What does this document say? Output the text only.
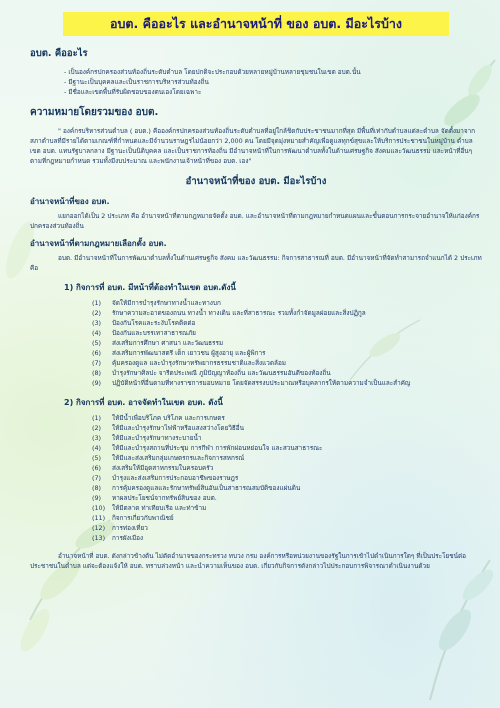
อบต. คืออะไร และอำนาจหน้าที่ ของ อบต. มีอะไรบ้าง
อบต. คืออะไร
- เป็นองค์กรปกครองส่วนท้องถิ่นระดับตำบล โดยปกติจะประกอบด้วยหลายหมู่บ้านหลายชุมชนในเขต อบต.นั้น
- มีฐานะเป็นบุคคลและเป็นราชการบริหารส่วนท้องถิ่น
- มีชื่อและเขตพื้นที่รับผิดชอบของตนเองโดยเฉพาะ
ความหมายโดยรวมของ อบต.

" องค์กรบริหารส่วนตำบล ( อบต.) คือองค์กรปกครองส่วนท้องถิ่นระดับตำบลที่อยู่ใกล้ชิดกับประชาชนมากที่สุด มีพื้นที่เท่ากับตำบลแต่ละตำบล จัดตั้งมาจากสภาตำบลที่มีรายได้ตามเกณฑ์ที่กำหนดและมีจำนวนราษฎรไม่น้อยกว่า 2,000 คน โดยมีจุดมุ่งหมายสำคัญเพื่อดูแลทุกข์สุขและให้บริการประชาชนในหมู่บ้าน ตำบล เขต อบต. แทนรัฐบาลกลาง มีฐานะเป็นนิติบุคคล และเป็นราชการท้องถิ่น มีอำนาจหน้าที่ในการพัฒนาตำบลทั้งในด้านเศรษฐกิจ สังคมและวัฒนธรรม และหน้าที่อื่นๆ ตามที่กฎหมายกำหนด รวมทั้งมีงบประมาณ และพนักงานเจ้าหน้าที่ของ อบต. เอง"

อำนาจหน้าที่ของ อบต. มีอะไรบ้าง
อำนาจหน้าที่ของ อบต.

แยกออกได้เป็น 2 ประเภท คือ อำนาจหน้าที่ตามกฎหมายจัดตั้ง อบต. และอำนาจหน้าที่ตามกฎหมายกำหนดแผนและขั้นตอนการกระจายอำนาจให้แก่องค์กรปกครองส่วนท้องถิ่น

อำนาจหน้าที่ตามกฎหมายเลือกตั้ง อบต.

อบต. มีอำนาจหน้าที่ในการพัฒนาตำบลทั้งในด้านเศรษฐกิจ สังคม และวัฒนธรรม: กิจการสาธารณที่ อบต. มีอำนาจหน้าที่จัดทำสามารถจำแนกได้ 2 ประเภทคือ

1) กิจการที่ อบต. มีหน้าที่ต้องทำในเขต อบต.ดังนี้
(1)	จัดให้มีการบำรุงรักษาทางน้ำและทางบก
(2)	รักษาความสะอาดของถนน ทางน้ำ ทางเดิน และที่สาธารณะ รวมทั้งกำจัดมูลฝอยและสิ่งปฏิกูล
(3)	ป้องกันโรคและระงับโรคติดต่อ
(4)	ป้องกันและบรรเทาสาธารณภัย
(5)	ส่งเสริมการศึกษา ศาสนา และวัฒนธรรม
(6)	ส่งเสริมการพัฒนาสตรี เด็ก เยาวชน ผู้สูงอายุ และผู้พิการ
(7)	คุ้มครองดูแล และบำรุงรักษาทรัพยากรธรรมชาติและสิ่งแวดล้อม
(8)	บำรุงรักษาศิลปะ จารีตประเพณี ภูมิปัญญาท้องถิ่น และวัฒนธรรมอันดีของท้องถิ่น
(9)	ปฏิบัติหน้าที่อื่นตามที่ทางราชการมอบหมาย โดยจัดสรรงบประมาณหรือบุคลากรให้ตามความจำเป็นและสำคัญ
2) กิจการที่ อบต. อาจจัดทำในเขต อบต. ดังนี้
(1)	ให้มีน้ำเพื่อบริโภค บริโภค และการเกษตร
(2)	ให้มีและบำรุงรักษาไฟฟ้าหรือแสงสว่างโดยวิธีอื่น
(3)	ให้มีและบำรุงรักษาทางระบายน้ำ
(4)	ให้มีและบำรุงสถานที่ประชุม การกีฬา การพักผ่อนหย่อนใจ และสวนสาธารณะ
(5)	ให้มีและส่งเสริมกลุ่มเกษตรกรและกิจการสหกรณ์
(6)	ส่งเสริมให้มีอุตสาหกรรมในครอบครัว
(7)	บำรุงและส่งเสริมการประกอบอาชีพของราษฎร
(8)	การคุ้มครองดูแลและรักษาทรัพย์สินอันเป็นสาธารณสมบัติของแผ่นดิน
(9)	หาผลประโยชน์จากทรัพย์สินของ อบต.
(10)	ให้มีตลาด ท่าเทียบเรือ และท่าข้าม
(11)	กิจการเกี่ยวกับพาณิชย์
(12)	การท่องเที่ยว
(13)	การผังเมือง

อำนาจหน้าที่ อบต. ดังกล่าวข้างต้น ไม่ตัดอำนาจของกระทรวง ทบวง กรม องค์การหรือหน่วยงานของรัฐในการเข้าไปดำเนินการใดๆ ที่เป็นประโยชน์ต่อประชาชนในตำบล แต่จะต้องแจ้งให้ อบต. ทราบล่วงหน้า และนำความเห็นของ อบต. เกี่ยวกับกิจการดังกล่าวไปประกอบการพิจารณาดำเนินงานด้วย
